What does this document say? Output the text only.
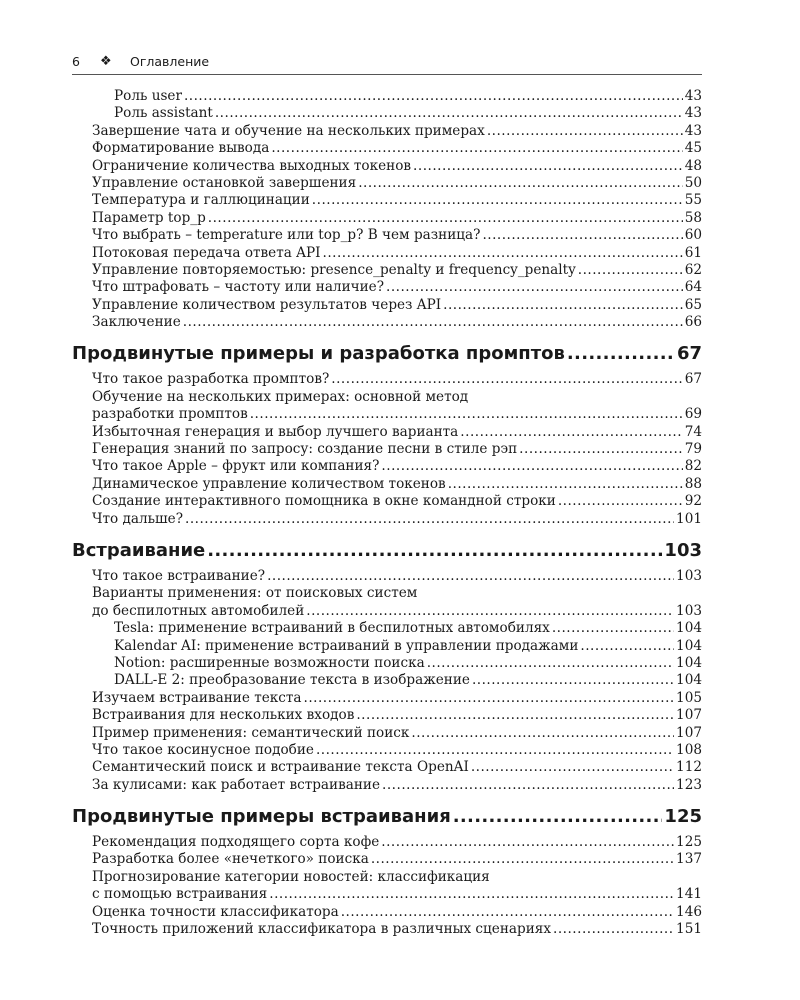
6	❖	Оглавление
Роль user .....	43
Роль assistant .....	43
Завершение чата и обучение на нескольких примерах .....	43
Форматирование вывода .....	45
Ограничение количества выходных токенов .....	48
Управление остановкой завершения .....	50
Температура и галлюцинации .....	55
Параметр top_p .....	58
Что выбрать – temperature или top_p? В чем разница? .....	60
Потоковая передача ответа API .....	61
Управление повторяемостью: presence_penalty и frequency_penalty .....	62
Что штрафовать – частоту или наличие? .....	64
Управление количеством результатов через API .....	65
Заключение .....	66
Продвинутые примеры и разработка промптов .....	67
Что такое разработка промптов? .....	67
Обучение на нескольких примерах: основной метод
разработки промптов .....	69
Избыточная генерация и выбор лучшего варианта .....	74
Генерация знаний по запросу: создание песни в стиле рэп .....	79
Что такое Apple – фрукт или компания? .....	82
Динамическое управление количеством токенов .....	88
Создание интерактивного помощника в окне командной строки .....	92
Что дальше? .....	101
Встраивание .....	103
Что такое встраивание? .....	103
Варианты применения: от поисковых систем
до беспилотных автомобилей .....	103
Tesla: применение встраиваний в беспилотных автомобилях .....	104
Kalendar AI: применение встраиваний в управлении продажами .....	104
Notion: расширенные возможности поиска .....	104
DALL-E 2: преобразование текста в изображение .....	104
Изучаем встраивание текста .....	105
Встраивания для нескольких входов .....	107
Пример применения: семантический поиск .....	107
Что такое косинусное подобие .....	108
Семантический поиск и встраивание текста OpenAI .....	112
За кулисами: как работает встраивание .....	123
Продвинутые примеры встраивания .....	125
Рекомендация подходящего сорта кофе .....	125
Разработка более «нечеткого» поиска .....	137
Прогнозирование категории новостей: классификация
с помощью встраивания .....	141
Оценка точности классификатора .....	146
Точность приложений классификатора в различных сценариях .....	151
